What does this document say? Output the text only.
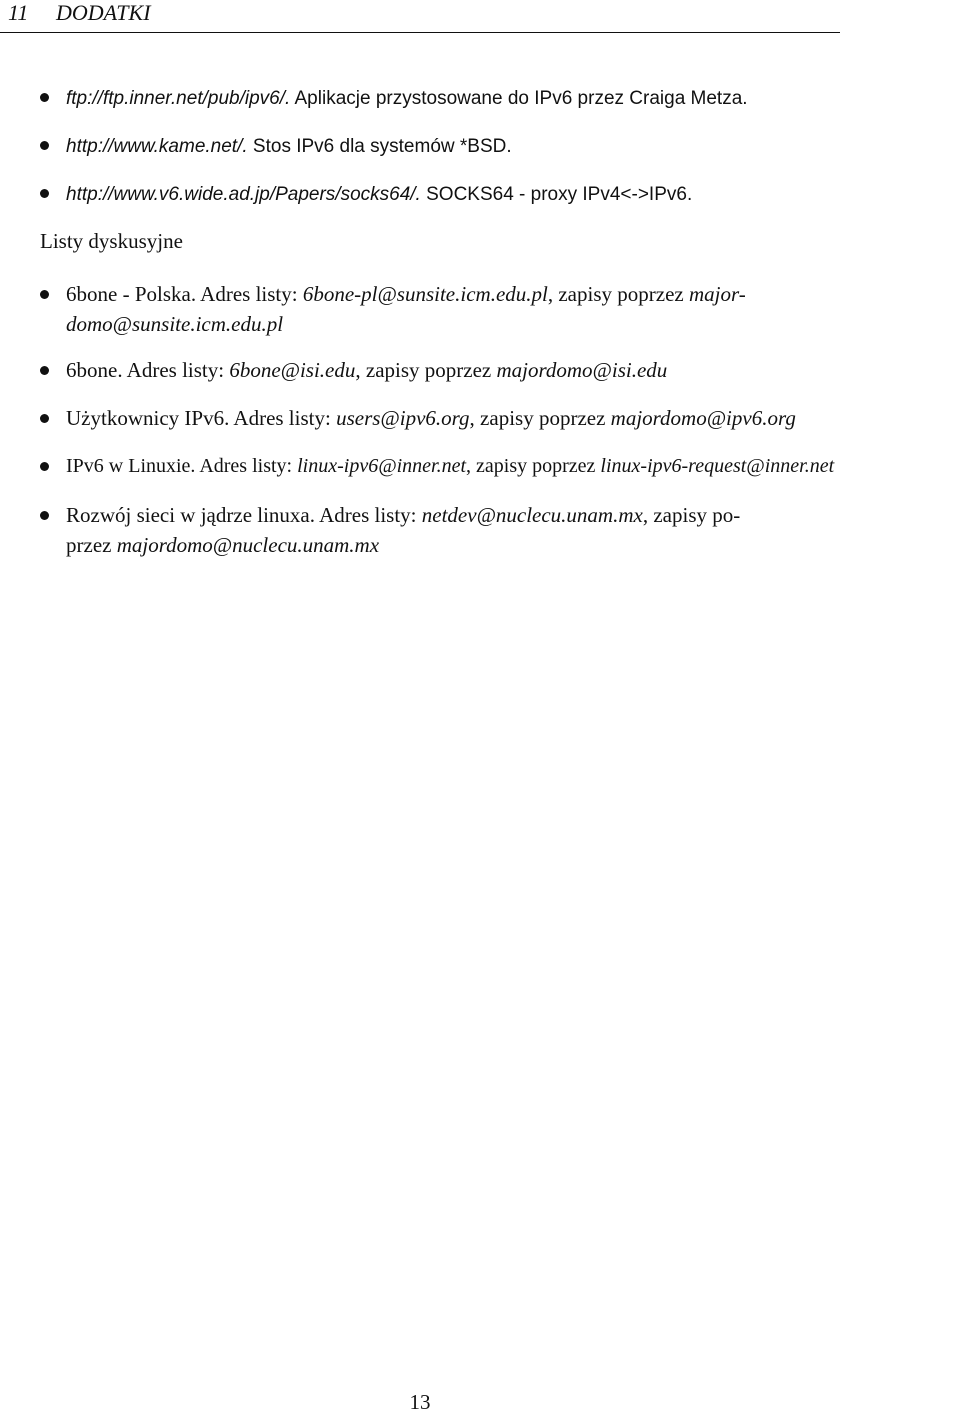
11 DODATKI
ftp://ftp.inner.net/pub/ipv6/. Aplikacje przystosowane do IPv6 przez Craiga Metza.
http://www.kame.net/. Stos IPv6 dla systemów *BSD.
http://www.v6.wide.ad.jp/Papers/socks64/. SOCKS64 - proxy IPv4<->IPv6.
Listy dyskusyjne
6bone - Polska. Adres listy: 6bone-pl@sunsite.icm.edu.pl, zapisy poprzez major-
domo@sunsite.icm.edu.pl
6bone. Adres listy: 6bone@isi.edu, zapisy poprzez majordomo@isi.edu
Użytkownicy IPv6. Adres listy: users@ipv6.org, zapisy poprzez majordomo@ipv6.org
IPv6 w Linuxie. Adres listy: linux-ipv6@inner.net, zapisy poprzez linux-ipv6-request@inner.net
Rozwój sieci w jądrze linuxa. Adres listy: netdev@nuclecu.unam.mx, zapisy po-
przez majordomo@nuclecu.unam.mx
13
